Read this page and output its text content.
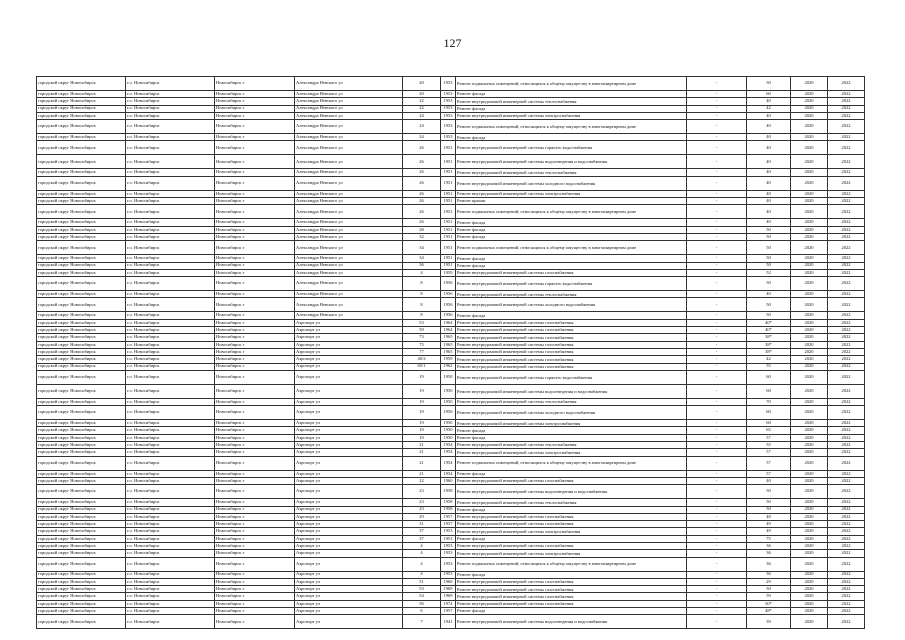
127
городской округ Новосибирск	г.о. Новосибирск	Новосибирск г	Александра Невского ул	20	1953	Ремонт подвальных помещений, относящихся к общему имуществу в многоквартирном доме	-	50	2020	2022
городской округ Новосибирск	г.о. Новосибирск	Новосибирск г	Александра Невского ул	20	1953	Ремонт фасада	-	60	2020	2022
городской округ Новосибирск	г.о. Новосибирск	Новосибирск г	Александра Невского ул	22	1953	Ремонт внутридомовой инженерной системы теплоснабжения	-	40	2020	2022
городской округ Новосибирск	г.о. Новосибирск	Новосибирск г	Александра Невского ул	22	1953	Ремонт фасада	-	42	2020	2022
городской округ Новосибирск	г.о. Новосибирск	Новосибирск г	Александра Невского ул	24	1953	Ремонт внутридомовой инженерной системы электроснабжения	-	40	2020	2022
городской округ Новосибирск	г.о. Новосибирск	Новосибирск г	Александра Невского ул	24	1953	Ремонт подвальных помещений, относящихся к общему имуществу в многоквартирном доме	-	40	2020	2022
городской округ Новосибирск	г.о. Новосибирск	Новосибирск г	Александра Невского ул	24	1953	Ремонт фасада	-	40	2020	2022
городской округ Новосибирск	г.о. Новосибирск	Новосибирск г	Александра Невского ул	26	1951	Ремонт внутридомовой инженерной системы горячего водоснабжения	-	40	2020	2022
городской округ Новосибирск	г.о. Новосибирск	Новосибирск г	Александра Невского ул	26	1951	Ремонт внутридомовой инженерной системы водоотведения и водоснабжения	-	40	2020	2022
городской округ Новосибирск	г.о. Новосибирск	Новосибирск г	Александра Невского ул	26	1951	Ремонт внутридомовой инженерной системы теплоснабжения	-	40	2020	2022
городской округ Новосибирск	г.о. Новосибирск	Новосибирск г	Александра Невского ул	26	1951	Ремонт внутридомовой инженерной системы холодного водоснабжения	-	40	2020	2022
городской округ Новосибирск	г.о. Новосибирск	Новосибирск г	Александра Невского ул	26	1951	Ремонт внутридомовой инженерной системы электроснабжения	-	40	2020	2022
городской округ Новосибирск	г.о. Новосибирск	Новосибирск г	Александра Невского ул	26	1951	Ремонт крыши	-	40	2020	2022
городской округ Новосибирск	г.о. Новосибирск	Новосибирск г	Александра Невского ул	26	1951	Ремонт подвальных помещений, относящихся к общему имуществу в многоквартирном доме	-	40	2020	2022
городской округ Новосибирск	г.о. Новосибирск	Новосибирск г	Александра Невского ул	26	1951	Ремонт фасада	-	40	2020	2022
городской округ Новосибирск	г.о. Новосибирск	Новосибирск г	Александра Невского ул	28	1951	Ремонт фасада	-	50	2020	2022
городской округ Новосибирск	г.о. Новосибирск	Новосибирск г	Александра Невского ул	32	1951	Ремонт фасада	-	50	2020	2022
городской округ Новосибирск	г.о. Новосибирск	Новосибирск г	Александра Невского ул	34	1951	Ремонт подвальных помещений, относящихся к общему имуществу в многоквартирном доме	-	50	2020	2022
городской округ Новосибирск	г.о. Новосибирск	Новосибирск г	Александра Невского ул	34	1951	Ремонт фасада	-	50	2020	2022
городской округ Новосибирск	г.о. Новосибирск	Новосибирск г	Александра Невского ул	36	1951	Ремонт фасада	-	50	2020	2022
городской округ Новосибирск	г.о. Новосибирск	Новосибирск г	Александра Невского ул	4	1959	Ремонт внутридомовой инженерной системы газоснабжения	-	52	2020	2022
городской округ Новосибирск	г.о. Новосибирск	Новосибирск г	Александра Невского ул	8	1956	Ремонт внутридомовой инженерной системы горячего водоснабжения	-	50	2020	2022
городской округ Новосибирск	г.о. Новосибирск	Новосибирск г	Александра Невского ул	8	1956	Ремонт внутридомовой инженерной системы теплоснабжения	-	40	2020	2022
городской округ Новосибирск	г.о. Новосибирск	Новосибирск г	Александра Невского ул	8	1956	Ремонт внутридомовой инженерной системы холодного водоснабжения	-	50	2020	2022
городской округ Новосибирск	г.о. Новосибирск	Новосибирск г	Александра Невского ул	8	1956	Ремонт фасада	-	50	2020	2022
городской округ Новосибирск	г.о. Новосибирск	Новосибирск г	Аэропорт ул	53	1964	Ремонт внутридомовой инженерной системы газоснабжения	-	40*	2020	2022
городской округ Новосибирск	г.о. Новосибирск	Новосибирск г	Аэропорт ул	59	1964	Ремонт внутридомовой инженерной системы газоснабжения	-	40*	2020	2022
городской округ Новосибирск	г.о. Новосибирск	Новосибирск г	Аэропорт ул	73	1965	Ремонт внутридомовой инженерной системы газоснабжения	-	38*	2020	2022
городской округ Новосибирск	г.о. Новосибирск	Новосибирск г	Аэропорт ул	75	1965	Ремонт внутридомовой инженерной системы газоснабжения	-	38*	2020	2022
городской округ Новосибирск	г.о. Новосибирск	Новосибирск г	Аэропорт ул	77	1965	Ремонт внутридомовой инженерной системы газоснабжения	-	38*	2020	2022
городской округ Новосибирск	г.о. Новосибирск	Новосибирск г	Аэропорт ул	40/3	1959	Ремонт внутридомовой инженерной системы газоснабжения	-	42	2020	2022
городской округ Новосибирск	г.о. Новосибирск	Новосибирск г	Аэропорт ул	65/1	1962	Ремонт внутридомовой инженерной системы газоснабжения	-	55	2020	2022
городской округ Новосибирск	г.о. Новосибирск	Новосибирск г	Аэропорт ул	19	1950	Ремонт внутридомовой инженерной системы горячего водоснабжения	-	60	2020	2022
городской округ Новосибирск	г.о. Новосибирск	Новосибирск г	Аэропорт ул	19	1950	Ремонт внутридомовой инженерной системы водоотведения и водоснабжения	-	60	2020	2022
городской округ Новосибирск	г.о. Новосибирск	Новосибирск г	Аэропорт ул	19	1950	Ремонт внутридомовой инженерной системы теплоснабжения	-	70	2020	2022
городской округ Новосибирск	г.о. Новосибирск	Новосибирск г	Аэропорт ул	19	1950	Ремонт внутридомовой инженерной системы холодного водоснабжения	-	60	2020	2022
городской округ Новосибирск	г.о. Новосибирск	Новосибирск г	Аэропорт ул	19	1950	Ремонт внутридомовой инженерной системы электроснабжения	-	60	2020	2022
городской округ Новосибирск	г.о. Новосибирск	Новосибирск г	Аэропорт ул	19	1950	Ремонт фасада	-	65	2020	2022
городской округ Новосибирск	г.о. Новосибирск	Новосибирск г	Аэропорт ул	19	1950	Ремонт фасада	-	57	2020	2022
городской округ Новосибирск	г.о. Новосибирск	Новосибирск г	Аэропорт ул	21	1954	Ремонт внутридомовой инженерной системы теплоснабжения	-	55	2020	2022
городской округ Новосибирск	г.о. Новосибирск	Новосибирск г	Аэропорт ул	21	1954	Ремонт внутридомовой инженерной системы электроснабжения	-	57	2020	2022
городской округ Новосибирск	г.о. Новосибирск	Новосибирск г	Аэропорт ул	21	1954	Ремонт подвальных помещений, относящихся к общему имуществу в многоквартирном доме	-	57	2020	2022
городской округ Новосибирск	г.о. Новосибирск	Новосибирск г	Аэропорт ул	21	1954	Ремонт фасада	-	57	2020	2022
городской округ Новосибирск	г.о. Новосибирск	Новосибирск г	Аэропорт ул	22	1960	Ремонт внутридомовой инженерной системы газоснабжения	-	40	2020	2022
городской округ Новосибирск	г.о. Новосибирск	Новосибирск г	Аэропорт ул	23	1958	Ремонт внутридомовой инженерной системы водоотведения и водоснабжения	-	50	2020	2022
городской округ Новосибирск	г.о. Новосибирск	Новосибирск г	Аэропорт ул	23	1958	Ремонт внутридомовой инженерной системы теплоснабжения	-	50	2020	2022
городской округ Новосибирск	г.о. Новосибирск	Новосибирск г	Аэропорт ул	23	1958	Ремонт фасада	-	50	2020	2022
городской округ Новосибирск	г.о. Новосибирск	Новосибирск г	Аэропорт ул	29	1957	Ремонт внутридомовой инженерной системы газоснабжения	-	48	2020	2022
городской округ Новосибирск	г.о. Новосибирск	Новосибирск г	Аэропорт ул	31	1957	Ремонт внутридомовой инженерной системы газоснабжения	-	49	2020	2022
городской округ Новосибирск	г.о. Новосибирск	Новосибирск г	Аэропорт ул	37	1953	Ремонт внутридомовой инженерной системы электроснабжения	-	49	2020	2022
городской округ Новосибирск	г.о. Новосибирск	Новосибирск г	Аэропорт ул	37	1953	Ремонт фасада	-	75	2020	2022
городской округ Новосибирск	г.о. Новосибирск	Новосибирск г	Аэропорт ул	4	1953	Ремонт внутридомовой инженерной системы газоснабжения	-	36	2020	2022
городской округ Новосибирск	г.о. Новосибирск	Новосибирск г	Аэропорт ул	4	1953	Ремонт внутридомовой инженерной системы электроснабжения	-	36	2020	2022
городской округ Новосибирск	г.о. Новосибирск	Новосибирск г	Аэропорт ул	4	1953	Ремонт подвальных помещений, относящихся к общему имуществу в многоквартирном доме	-	36	2020	2022
городской округ Новосибирск	г.о. Новосибирск	Новосибирск г	Аэропорт ул	4	1953	Ремонт фасада	-	36	2020	2022
городской округ Новосибирск	г.о. Новосибирск	Новосибирск г	Аэропорт ул	51	1966	Ремонт внутридомовой инженерной системы газоснабжения	-	29	2020	2022
городской округ Новосибирск	г.о. Новосибирск	Новосибирск г	Аэропорт ул	53	1969	Ремонт внутридомовой инженерной системы газоснабжения	-	50	2020	2022
городской округ Новосибирск	г.о. Новосибирск	Новосибирск г	Аэропорт ул	54	1969	Ремонт внутридомовой инженерной системы газоснабжения	-	59	2020	2022
городской округ Новосибирск	г.о. Новосибирск	Новосибирск г	Аэропорт ул	56	1974	Ремонт внутридомовой инженерной системы газоснабжения	-	50*	2020	2022
городской округ Новосибирск	г.о. Новосибирск	Новосибирск г	Аэропорт ул	6	1957	Ремонт фасада	-	48*	2020	2022
городской округ Новосибирск	г.о. Новосибирск	Новосибирск г	Аэропорт ул	7	1941	Ремонт внутридомовой инженерной системы водоотведения и водоснабжения	-	39	2020	2022
